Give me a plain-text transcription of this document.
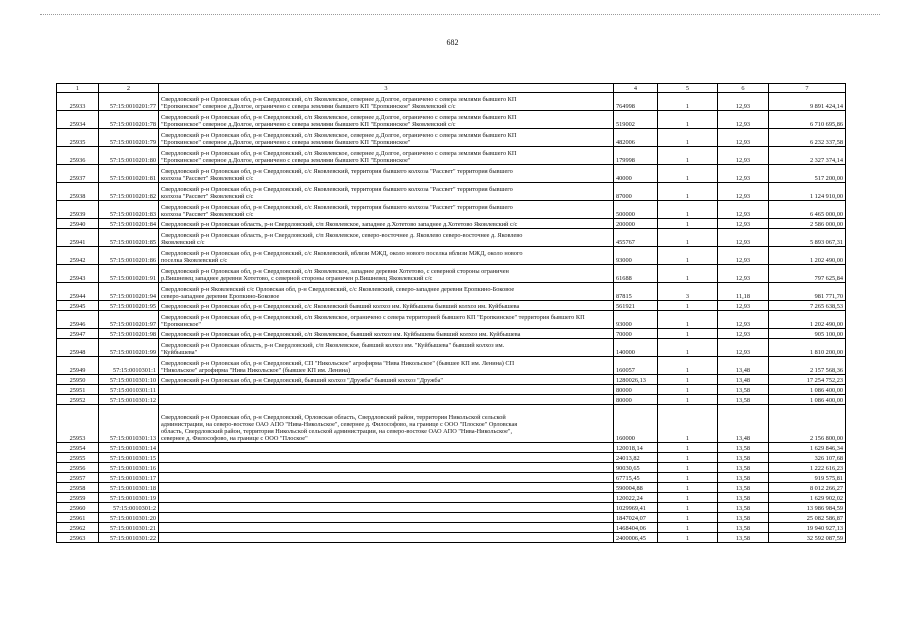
682
1	2	3	4	5	6	7
25933	57:15:0010201:77	Свердловский р-н Орловская обл, р-н Свердловский, с/п Яковлевское, севернее д.Долгое, ограничено с севера землями бывшего КП
"Еропкинское" северное д.Долгое, ограничено с севера землями бывшего КП "Еропкинское" Яковлевский с/с	764998	1	12,93	9 891 424,14
25934	57:15:0010201:78	Свердловский р-н Орловская обл, р-н Свердловский, с/п Яковлевское, севернее д.Долгое, ограничено с севера землями бывшего КП
"Еропкинское" северное д.Долгое, ограничено с севера землями бывшего КП "Еропкинское" Яковлевский с/с	519002	1	12,93	6 710 695,86
25935	57:15:0010201:79	Свердловский р-н Орловская обл, р-н Свердловский, с/п Яковлевское, севернее д.Долгое, ограничено с севера землями бывшего КП
"Еропкинское" северное д.Долгое, ограничено с севера землями бывшего КП "Еропкинское"	482006	1	12,93	6 232 337,58
25936	57:15:0010201:80	Свердловский р-н Орловская обл, р-н Свердловский, с/п Яковлевское, севернее д.Долгое, ограничено с севера землями бывшего КП
"Еропкинское" северное д.Долгое, ограничено с севера землями бывшего КП "Еропкинское"	179998	1	12,93	2 327 374,14
25937	57:15:0010201:81	Свердловский р-н Орловская обл, р-н Свердловский, с/с Яковлевский, территория бывшего колхоза "Рассвет" территория бывшего
колхоза "Рассвет" Яковлевский с/с	40000	1	12,93	517 200,00
25938	57:15:0010201:82	Свердловский р-н Орловская обл, р-н Свердловский, с/с Яковлевский, территория бывшего колхоза "Рассвет" территория бывшего
колхоза "Рассвет" Яковлевский с/с	87000	1	12,93	1 124 910,00
25939	57:15:0010201:83	Свердловский р-н Орловская обл, р-н Свердловский, с/с Яковлевский, территория бывшего колхоза "Рассвет" территория бывшего
колхоза "Рассвет" Яковлевский с/с	500000	1	12,93	6 465 000,00
25940	57:15:0010201:84	Свердловский р-н Орловская область, р-н Свердловский, с/п Яковлевское, западнее д.Хотетово западнее д.Хотетово Яковлевский с/с	200000	1	12,93	2 586 000,00
25941	57:15:0010201:85	Свердловский р-н Орловская область, р-н Свердловский, с/п Яковлевское, северо-восточнее д. Яковлево северо-восточнее д. Яковлево
Яковлевский с/с	455767	1	12,93	5 893 067,31
25942	57:15:0010201:86	Свердловский р-н Орловская обл, р-н Свердловский, с/с Яковлевский, вблизи МЖД, около нового поселка вблизи МЖД, около нового
поселка Яковлевский с/с	93000	1	12,93	1 202 490,00
25943	57:15:0010201:91	Свердловский р-н Орловская обл, р-н Свердловский, с/п Яковлевское, западнее деревни Хотетово, с северной стороны ограничен
р.Вишневец западнее деревни Хотетово, с северной стороны ограничен р.Вишневец Яковлевский с/с	61688	1	12,93	797 625,84
25944	57:15:0010201:94	Свердловский р-н Яковлевский с/с Орловская обл, р-н Свердловский, с/с Яковлевский, северо-западнее деревни Еропкино-Боковое
северо-западнее деревни Еропкино-Боковое	87815	3	11,18	981 771,70
25945	57:15:0010201:95	Свердловский р-н Орловская обл, р-н Свердловский, с/с Яковлевский бывший колхоз им. Куйбышева бывший колхоз им. Куйбышева	561921	1	12,93	7 265 638,53
25946	57:15:0010201:97	Свердловский р-н Орловская обл, р-н Свердловский, с/п Яковлевское, ограничено с севера территорией бывшего КП "Еропкинское" территория бывшего КП
"Еропкинское"	93000	1	12,93	1 202 490,00
25947	57:15:0010201:98	Свердловский р-н Орловская обл, р-н Свердловский, с/п Яковлевское, бывший колхоз им. Куйбышева бывший колхоз им. Куйбышева	70000	1	12,93	905 100,00
25948	57:15:0010201:99	Свердловский р-н Орловская область, р-н Свердловский, с/п Яковлевское, бывший колхоз им. "Куйбышева" бывший колхоз им.
"Куйбышева"	140000	1	12,93	1 810 200,00
25949	57:15:0010301:1	Свердловский р-н Орловская обл, р-н Свердловский, СП "Никольское" агрофирма "Нива Никольское" (бывшее КП им. Ленина) СП
"Никольское" агрофирма "Нива Никольское" (бывшее КП им. Ленина)	160057	1	13,48	2 157 568,36
25950	57:15:0010301:10	Свердловский р-н Орловская обл, р-н Свердловский, бывший колхоз "Дружба" бывший колхоз "Дружба"	1280026,13	1	13,48	17 254 752,23
25951	57:15:0010301:11		80000	1	13,58	1 086 400,00
25952	57:15:0010301:12		80000	1	13,58	1 086 400,00
25953	57:15:0010301:13	Свердловский р-н Орловская обл, р-н Свердловский, Орловская область, Свердловский район, территория Никольской сельской
администрации, на северо-востоке ОАО АПО "Нива-Никольское", севернее д. Философово, на границе с ООО "Плоское" Орловская
область, Свердловский район, территория Никольской сельской администрации, на северо-востоке ОАО АПО "Нива-Никольское",
севернее д. Философово, на границе с ООО "Плоское"	160000	1	13,48	2 156 800,00
25954	57:15:0010301:14		120018,14	1	13,58	1 629 846,34
25955	57:15:0010301:15		24013,82	1	13,58	326 107,68
25956	57:15:0010301:16		90030,65	1	13,58	1 222 616,23
25957	57:15:0010301:17		67715,45	1	13,58	919 575,81
25958	57:15:0010301:18		590004,88	1	13,58	8 012 266,27
25959	57:15:0010301:19		120022,24	1	13,58	1 629 902,02
25960	57:15:0010301:2		1029969,41	1	13,58	13 986 984,59
25961	57:15:0010301:20		1847024,07	1	13,58	25 082 586,87
25962	57:15:0010301:21		1468404,06	1	13,58	19 940 927,13
25963	57:15:0010301:22		2400006,45	1	13,58	32 592 087,59
